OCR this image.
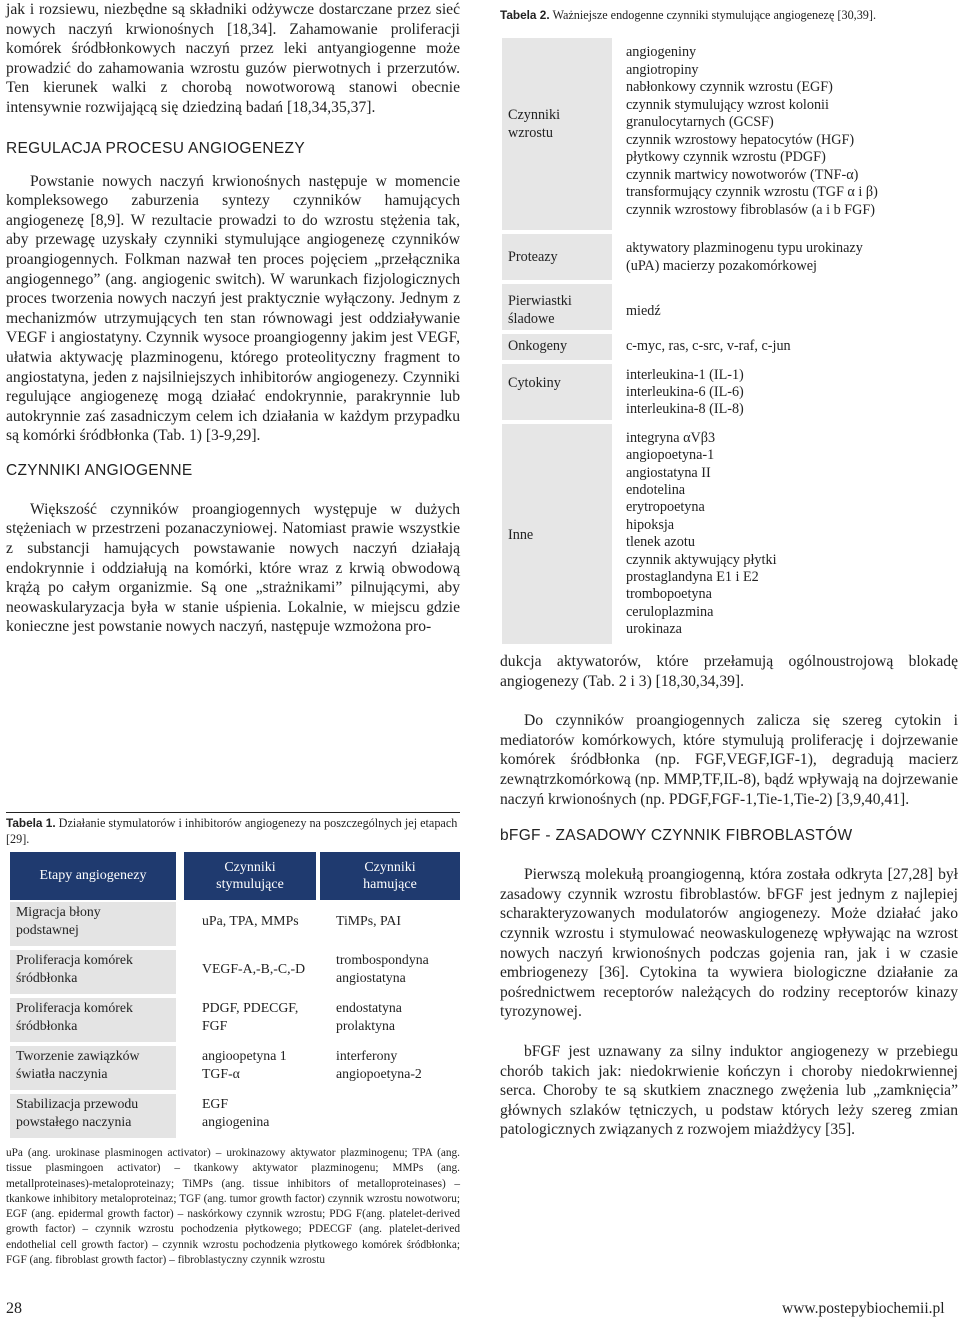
jak i rozsiewu, niezbędne są składniki odżywcze dostarczane przez sieć nowych naczyń krwionośnych [18,34]. Zahamowanie proliferacji komórek śródbłonkowych naczyń przez leki antyangiogenne może prowadzić do zahamowania wzrostu guzów pierwotnych i przerzutów. Ten kierunek walki z chorobą nowotworową stanowi obecnie intensywnie rozwijającą się dziedziną badań [18,34,35,37].

REGULACJA PROCESU ANGIOGENEZY

Powstanie nowych naczyń krwionośnych następuje w momencie kompleksowego zaburzenia syntezy czynników hamujących angiogenezę [8,9]. W rezultacie prowadzi to do wzrostu stężenia tak, aby przewagę uzyskały czynniki stymulujące angiogenezę czynników proangiogennych. Folkman nazwał ten proces pojęciem „przełącznika angiogennego” (ang. angiogenic switch). W warunkach fizjologicznych proces tworzenia nowych naczyń jest praktycznie wyłączony. Jednym z mechanizmów utrzymujących ten stan równowagi jest oddziaływanie VEGF i angiostatyny. Czynnik wysoce proangiogenny jakim jest VEGF, ułatwia aktywację plazminogenu, którego proteolityczny fragment to angiostatyna, jeden z najsilniejszych inhibitorów angiogenezy. Czynniki regulujące angiogenezę mogą działać endokrynnie, parakrynnie lub autokrynnie zaś zasadniczym celem ich działania w każdym przypadku są komórki śródbłonka (Tab. 1) [3-9,29].

CZYNNIKI ANGIOGENNE

Większość czynników proangiogennych występuje w dużych stężeniach w przestrzeni pozanaczyniowej. Natomiast prawie wszystkie z substancji hamujących powstawanie nowych naczyń działają endokrynnie i oddziałują na komórki, które wraz z krwią obwodową krążą po całym organizmie. Są one „strażnikami” pilnującymi, aby neowaskularyzacja była w stanie uśpienia. Lokalnie, w miejscu gdzie konieczne jest powstanie nowych naczyń, następuje wzmożona pro-

Tabela 1. Działanie stymulatorów i inhibitorów angiogenezy na poszczególnych jej etapach [29].

Etapy angiogenezy
Czynniki stymulujące
Czynniki hamujące
Migracja błony podstawnej
uPa, TPA, MMPs	TiMPs, PAI
Proliferacja komórek śródbłonka
VEGF-A,-B,-C,-D
trombospondyna angiostatyna
Proliferacja komórek śródbłonka
PDGF, PDECGF, FGF
endostatyna prolaktyna
Tworzenie zawiązków światła naczynia
angioopetyna 1 TGF-α
interferony angiopoetyna-2
Stabilizacja przewodu powstałego naczynia
EGF angiogenina

uPa (ang. urokinase plasminogen activator) – urokinazowy aktywator plazminogenu; TPA (ang. tissue plasmingoen activator) – tkankowy aktywator plazminogenu; MMPs (ang. metallproteinases)-metaloproteinazy; TiMPs (ang. tissue inhibitors of metalloproteinases) – tkankowe inhibitory metaloproteinaz; TGF (ang. tumor growth factor) czynnik wzrostu nowotworu; EGF (ang. epidermal growth factor) – naskórkowy czynnik wzrostu; PDG F(ang. platelet-derived growth factor) – czynnik wzrostu pochodzenia płytkowego; PDECGF (ang. platelet-derived endothelial cell growth factor) – czynnik wzrostu pochodzenia płytkowego komórek śródbłonka; FGF (ang. fibroblast growth factor) – fibroblastyczny czynnik wzrostu

Tabela 2. Ważniejsze endogenne czynniki stymulujące angiogenezę [30,39].

Czynniki wzrostu
Proteazy
Pierwiastki śladowe
Onkogeny
Cytokiny
Inne
angiogeniny
angiotropiny
nabłonkowy czynnik wzrostu (EGF)
czynnik stymulujący wzrost kolonii
granulocytarnych (GCSF)
czynnik wzrostowy hepatocytów (HGF)
płytkowy czynnik wzrostu (PDGF)
czynnik martwicy nowotworów (TNF-α)
transformujący czynnik wzrostu (TGF α i β)
czynnik wzrostowy fibroblasów (a i b FGF)
aktywatory plazminogenu typu urokinazy
(uPA) macierzy pozakomórkowej
miedź
c-myc, ras, c-src, v-raf, c-jun
interleukina-1 (IL-1)
interleukina-6 (IL-6)
interleukina-8 (IL-8)
integryna αVβ3
angiopoetyna-1
angiostatyna II
endotelina
erytropoetyna
hipoksja
tlenek azotu
czynnik aktywujący płytki
prostaglandyna E1 i E2
trombopoetyna
ceruloplazmina
urokinaza

dukcja aktywatorów, które przełamują ogólnoustrojową blokadę angiogenezy (Tab. 2 i 3) [18,30,34,39].

Do czynników proangiogennych zalicza się szereg cytokin i mediatorów komórkowych, które stymulują proliferację i dojrzewanie komórek śródbłonka (np. FGF,VEGF,IGF-1), degradują macierz zewnątrzkomórkową (np. MMP,TF,IL-8), bądź wpływają na dojrzewanie naczyń krwionośnych (np. PDGF,FGF-1,Tie-1,Tie-2) [3,9,40,41].

bFGF - ZASADOWY CZYNNIK FIBROBLASTÓW

Pierwszą molekułą proangiogenną, która została odkryta [27,28] był zasadowy czynnik wzrostu fibroblastów. bFGF jest jednym z najlepiej scharakteryzowanych modulatorów angiogenezy. Może działać jako czynnik wzrostu i stymulować neowaskulogenezę wpływając na wzrost nowych naczyń krwionośnych podczas gojenia ran, jak i w czasie embriogenezy [36]. Cytokina ta wywiera biologiczne działanie za pośrednictwem receptorów należących do rodziny receptorów kinazy tyrozynowej.

bFGF jest uznawany za silny induktor angiogenezy w przebiegu chorób takich jak: niedokrwienie kończyn i choroby niedokrwiennej serca. Choroby te są skutkiem znacznego zwężenia lub „zamknięcia” głównych szlaków tętniczych, u podstaw których leży szereg zmian patologicznych związanych z rozwojem miażdżycy [35].

28	www.postepybiochemii.pl
